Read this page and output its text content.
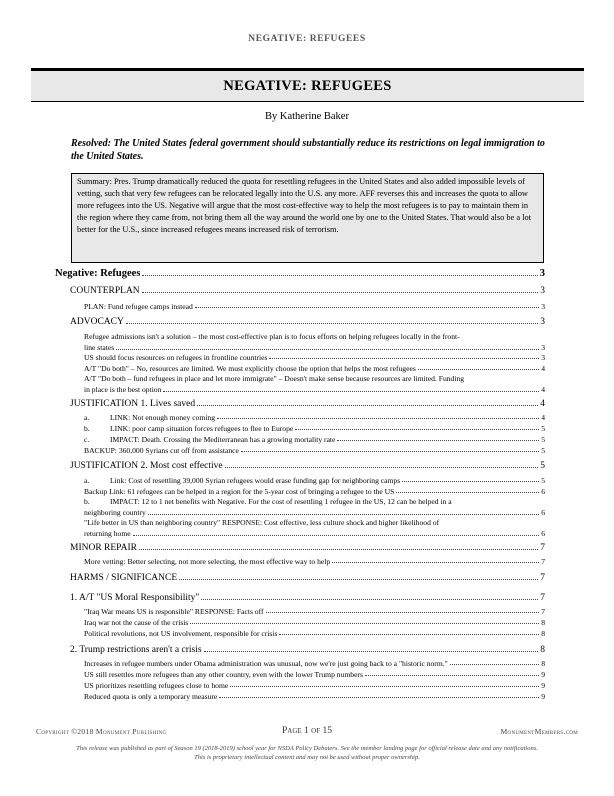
NEGATIVE: REFUGEES
NEGATIVE: REFUGEES
By Katherine Baker
Resolved: The United States federal government should substantially reduce its restrictions on legal immigration to the United States.
Summary: Pres. Trump dramatically reduced the quota for resettling refugees in the United States and also added impossible levels of vetting, such that very few refugees can be relocated legally into the U.S. any more. AFF reverses this and increases the quota to allow more refugees into the US. Negative will argue that the most cost-effective way to help the most refugees is to pay to maintain them in the region where they came from, not bring them all the way around the world one by one to the United States. That would also be a lot better for the U.S., since increased refugees means increased risk of terrorism.
Negative: Refugees	3
COUNTERPLAN	3
PLAN: Fund refugee camps instead	3
ADVOCACY	3
Refugee admissions isn't a solution – the most cost-effective plan is to focus efforts on helping refugees locally in the front-
line states	3
US should focus resources on refugees in frontline countries	3
A/T "Do both" – No, resources are limited. We must explicitly choose the option that helps the most refugees	4
A/T "Do both – fund refugees in place and let more immigrate" – Doesn't make sense because resources are limited. Funding
in place is the best option	4
JUSTIFICATION 1. Lives saved	4
a.	LINK: Not enough money coming	4
b.	LINK: poor camp situation forces refugees to flee to Europe	5
c.	IMPACT: Death. Crossing the Mediterranean has a growing mortality rate	5
BACKUP: 360,000 Syrians cut off from assistance	5
JUSTIFICATION 2. Most cost effective	5
a.	Link: Cost of resettling 39,000 Syrian refugees would erase funding gap for neighboring camps	5
Backup Link: 61 refugees can be helped in a region for the 5-year cost of bringing a refugee to the US	6
b.	IMPACT: 12 to 1 net benefits with Negative. For the cost of resettling 1 refugee in the US, 12 can be helped in a
neighboring country	6
"Life better in US than neighboring country" RESPONSE: Cost effective, less culture shock and higher likelihood of
returning home	6
MINOR REPAIR	7
More vetting: Better selecting, not more selecting, the most effective way to help	7
HARMS / SIGNIFICANCE	7
1. A/T "US Moral Responsibility"	7
"Iraq War means US is responsible" RESPONSE: Facts off	7
Iraq war not the cause of the crisis	8
Political revolutions, not US involvement, responsible for crisis	8
2. Trump restrictions aren't a crisis	8
Increases in refugee numbers under Obama administration was unusual, now we're just going back to a "historic norm."	8
US still resettles more refugees than any other country, even with the lower Trump numbers	9
US prioritizes resettling refugees close to home	9
Reduced quota is only a temporary measure	9
Copyright ©2018 Monument Publishing	Page 1 of 15	MonumentMembers.com
This release was published as part of Season 19 (2018-2019) school year for NSDA Policy Debaters. See the member landing page for official release date and any notifications.
This is proprietary intellectual content and may not be used without proper ownership.
